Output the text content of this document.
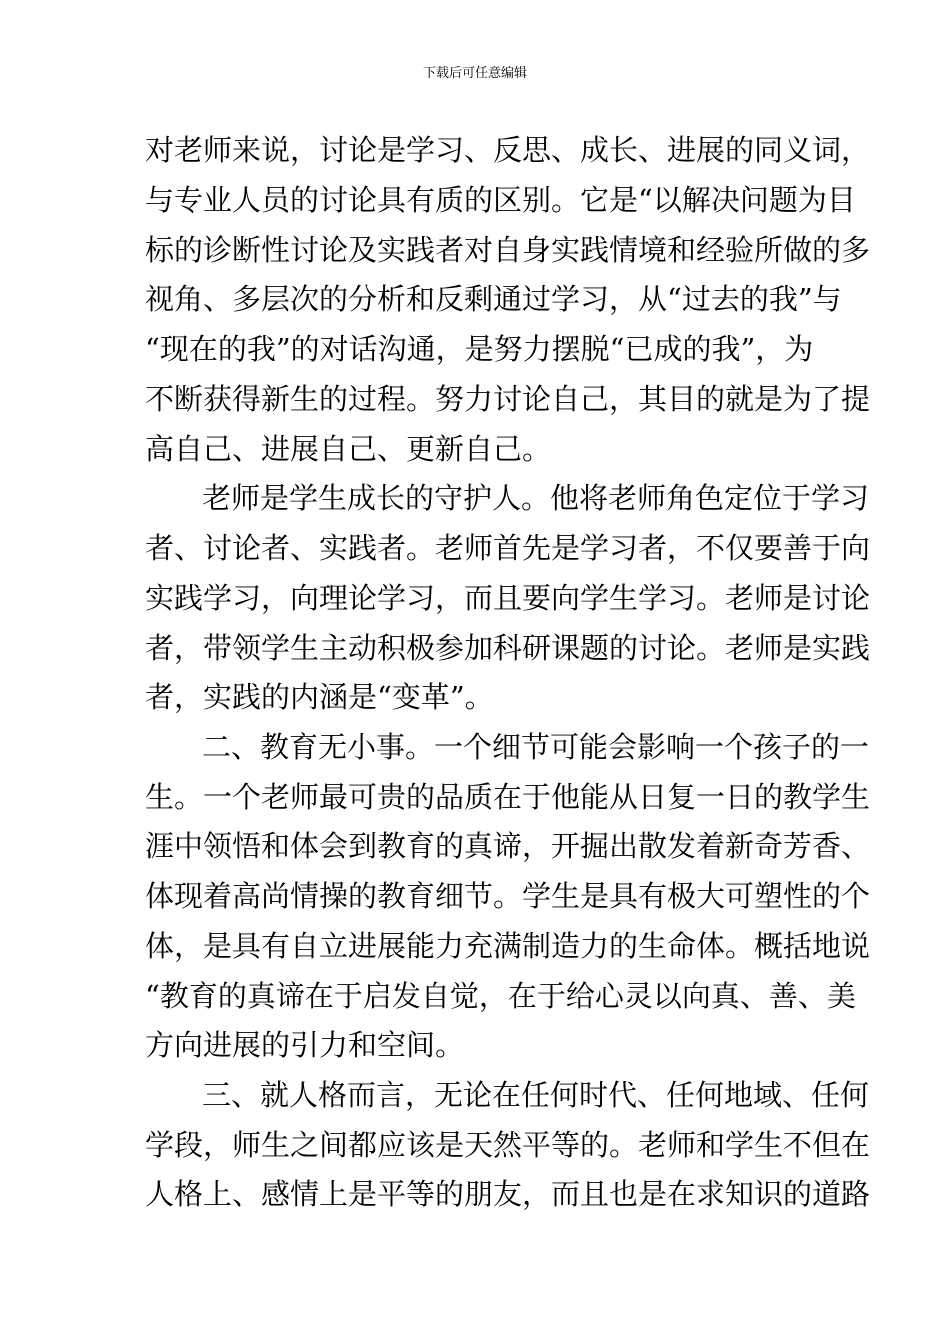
下载后可任意编辑
对老师来说，讨论是学习、反思、成长、进展的同义词，
与专业人员的讨论具有质的区别。它是“以解决问题为目
标的诊断性讨论及实践者对自身实践情境和经验所做的多
视角、多层次的分析和反剩通过学习，从“过去的我”与
“现在的我”的对话沟通，是努力摆脱“已成的我”，为
不断获得新生的过程。努力讨论自己，其目的就是为了提
高自己、进展自己、更新自己。
老师是学生成长的守护人。他将老师角色定位于学习
者、讨论者、实践者。老师首先是学习者，不仅要善于向
实践学习，向理论学习，而且要向学生学习。老师是讨论
者，带领学生主动积极参加科研课题的讨论。老师是实践
者，实践的内涵是“变革”。
二、教育无小事。一个细节可能会影响一个孩子的一
生。一个老师最可贵的品质在于他能从日复一日的教学生
涯中领悟和体会到教育的真谛，开掘出散发着新奇芳香、
体现着高尚情操的教育细节。学生是具有极大可塑性的个
体，是具有自立进展能力充满制造力的生命体。概括地说
“教育的真谛在于启发自觉，在于给心灵以向真、善、美
方向进展的引力和空间。
三、就人格而言，无论在任何时代、任何地域、任何
学段，师生之间都应该是天然平等的。老师和学生不但在
人格上、感情上是平等的朋友，而且也是在求知识的道路
